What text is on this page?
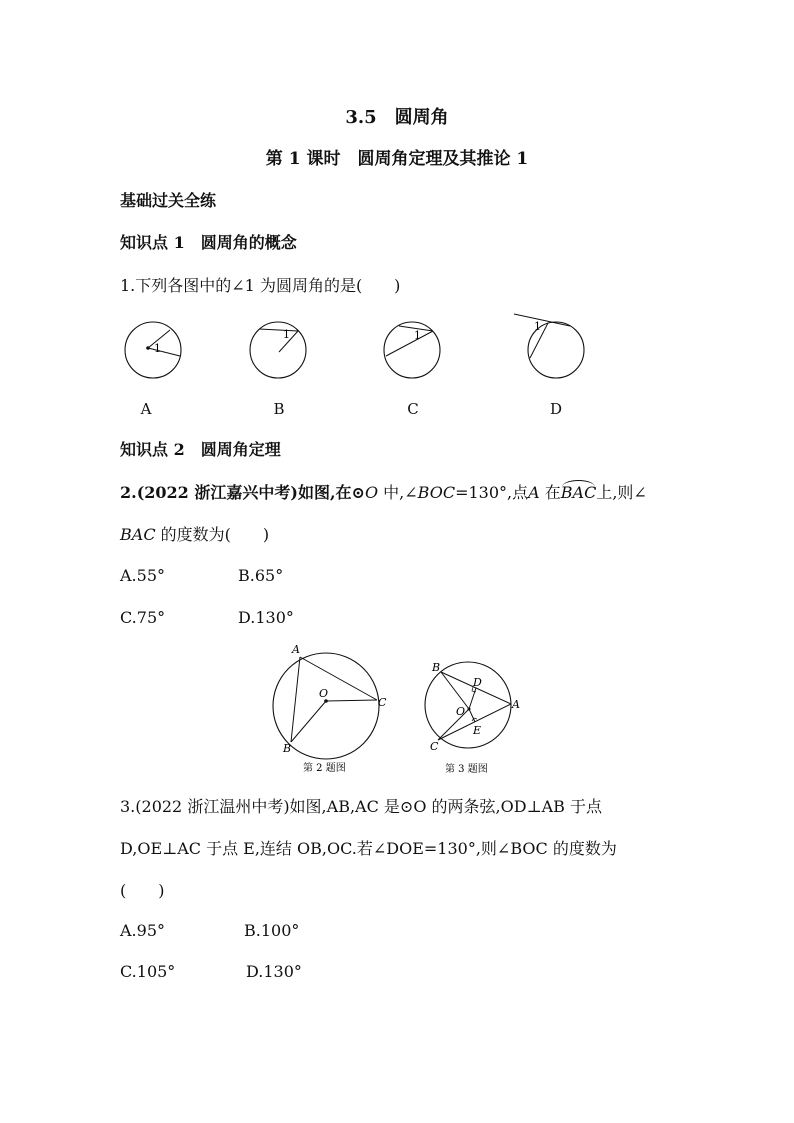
3.5　 圆周角
第 1 课时　圆周角定理及其推论 1
基础过关全练
知识点 1　圆周角的概念
1.下列各图中的∠1 为圆周角的是(　　)
1
1	1
1
A	B	C	D
知识点 2　圆周角定理
2.(2022 浙江嘉兴中考)如图,在⊙O 中,∠BOC=130°,点A 在BAC上,则∠
BAC 的度数为(　　)
A.55°	B.65°
C.75°	D.130°
A
O
C
B
第 2 题图
B
D
O
A
E
C
第 3 题图
3.(2022 浙江温州中考)如图,AB,AC 是⊙O 的两条弦,OD⊥AB 于点
D,OE⊥AC 于点 E,连结 OB,OC.若∠DOE=130°,则∠BOC 的度数为
(　　)
A.95°	B.100°
C.105°	D.130°
